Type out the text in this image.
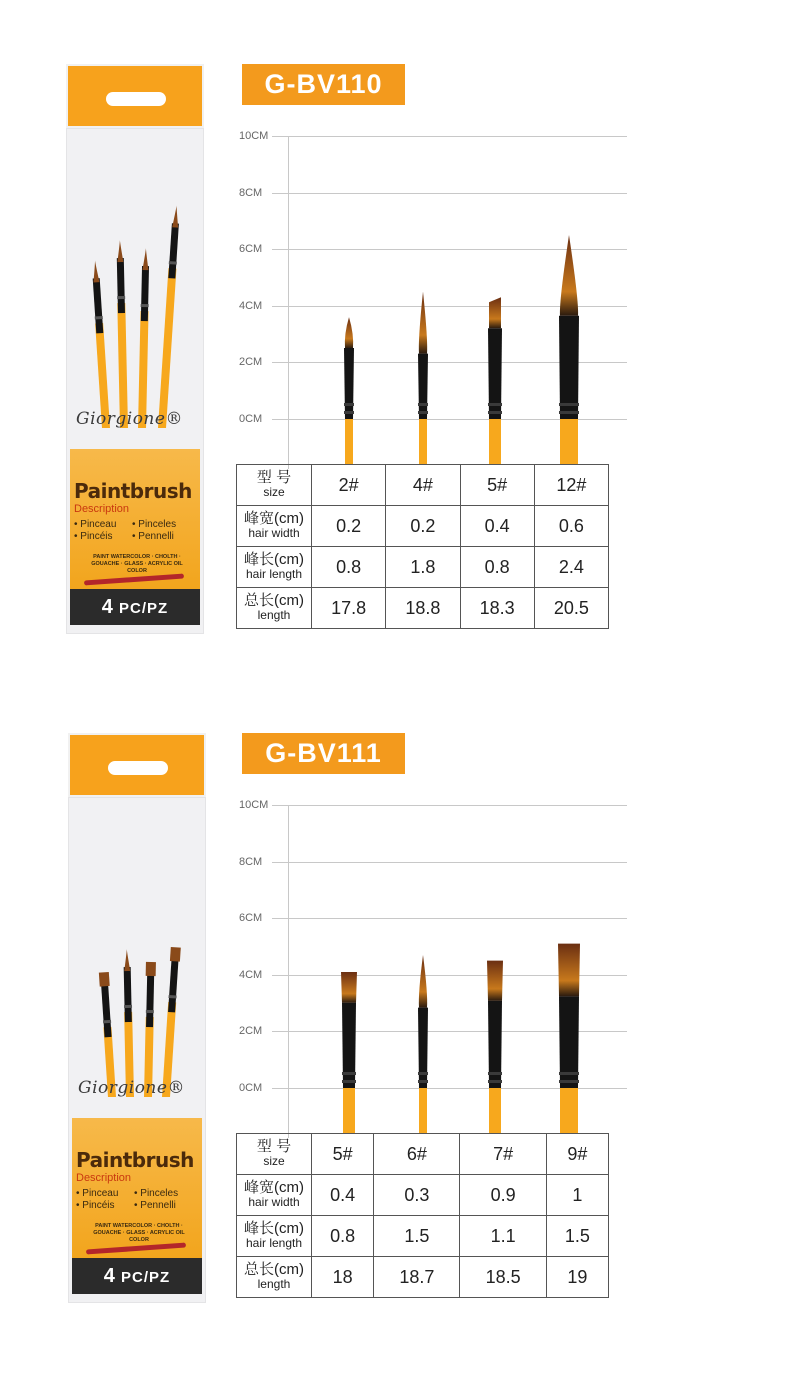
Giorgione®
Paintbrush
Description
• Pinceau • Pinceles
• Pincéis • Pennelli
PAINT WATERCOLOR · CHOLTH · GOUACHE · GLASS · ACRYLIC OIL COLOR
4 PC/PZ
G-BV110
10CM
8CM
6CM
4CM
2CM
0CM
型 号
size	2#	4#	5#	12#

峰宽(cm)
hair width	0.2	0.2	0.4	0.6

峰长(cm)
hair length	0.8	1.8	0.8	2.4

总长(cm)
length	17.8	18.8	18.3	20.5
Giorgione®
Paintbrush
Description
• Pinceau • Pinceles
• Pincéis • Pennelli
PAINT WATERCOLOR · CHOLTH · GOUACHE · GLASS · ACRYLIC OIL COLOR
4 PC/PZ
G-BV111
10CM
8CM
6CM
4CM
2CM
0CM
型 号
size	5#	6#	7#	9#

峰宽(cm)
hair width	0.4	0.3	0.9	1

峰长(cm)
hair length	0.8	1.5	1.1	1.5

总长(cm)
length	18	18.7	18.5	19
